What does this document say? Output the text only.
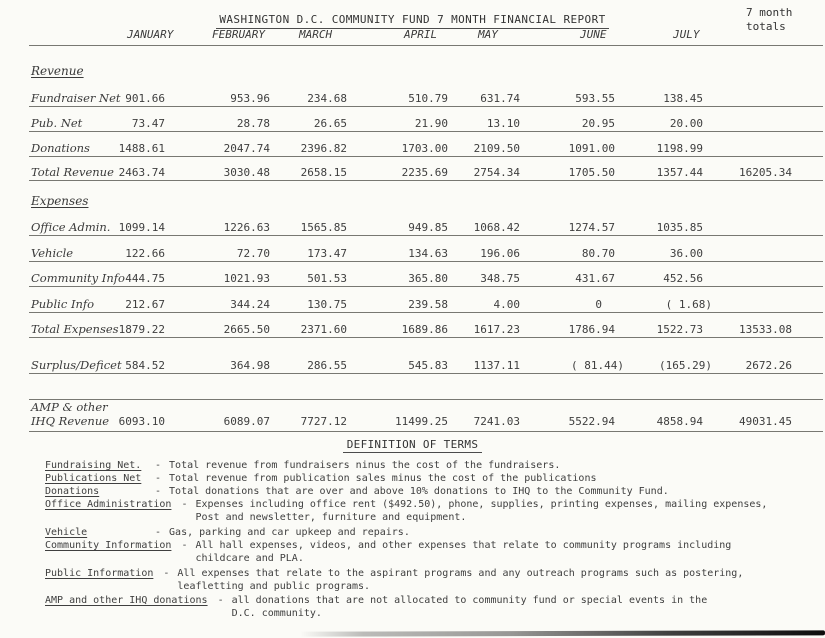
WASHINGTON D.C. COMMUNITY FUND 7 MONTH FINANCIAL REPORT
7 month
totals
JANUARY	FEBRUARY	MARCH	APRIL	MAY	JUNE	JULY
Revenue
Fundraiser Net 901.66	953.96	234.68	510.79	631.74	593.55	138.45
Pub. Net	73.47	28.78	26.65	21.90	13.10	20.95	20.00
Donations	1488.61	2047.74	2396.82	1703.00 2109.50	1091.00	1198.99
Total Revenue 2463.74	3030.48	2658.15	2235.69 2754.34	1705.50	1357.44	16205.34
Expenses
Office Admin. 1099.14	1226.63	1565.85	949.85 1068.42	1274.57	1035.85
Vehicle	122.66	72.70	173.47	134.63	196.06	80.70	36.00
Community Info 444.75	1021.93	501.53	365.80	348.75	431.67	452.56
Public Info	212.67	344.24	130.75	239.58	4.00	0	( 1.68)
Total Expenses 1879.22	2665.50	2371.60	1689.86 1617.23	1786.94	1522.73	13533.08
Surplus/Deficet 584.52	364.98	286.55	545.83 1137.11	( 81.44)	(165.29)	2672.26
AMP & other
IHQ Revenue 6093.10	6089.07	7727.12	11499.25 7241.03	5522.94	4858.94	49031.45
DEFINITION OF TERMS
Fundraising Net.	- Total revenue from fundraisers ninus the cost of the fundraisers.
Publications Net	- Total revenue from publication sales minus the cost of the publications
Donations	- Total donations that are over and above 10% donations to IHQ to the Community Fund.
Office Administration	- Expenses including office rent ($492.50), phone, supplies, printing expenses, mailing expenses,
Post and newsletter, furniture and equipment.
Vehicle	- Gas, parking and car upkeep and repairs.
Community Information	- All hall expenses, videos, and other expenses that relate to community programs including
childcare and PLA.
Public Information	- All expenses that relate to the aspirant programs and any outreach programs such as postering,
leafletting and public programs.
AMP and other IHQ donations	- all donations that are not allocated to community fund or special events in the
D.C. community.
